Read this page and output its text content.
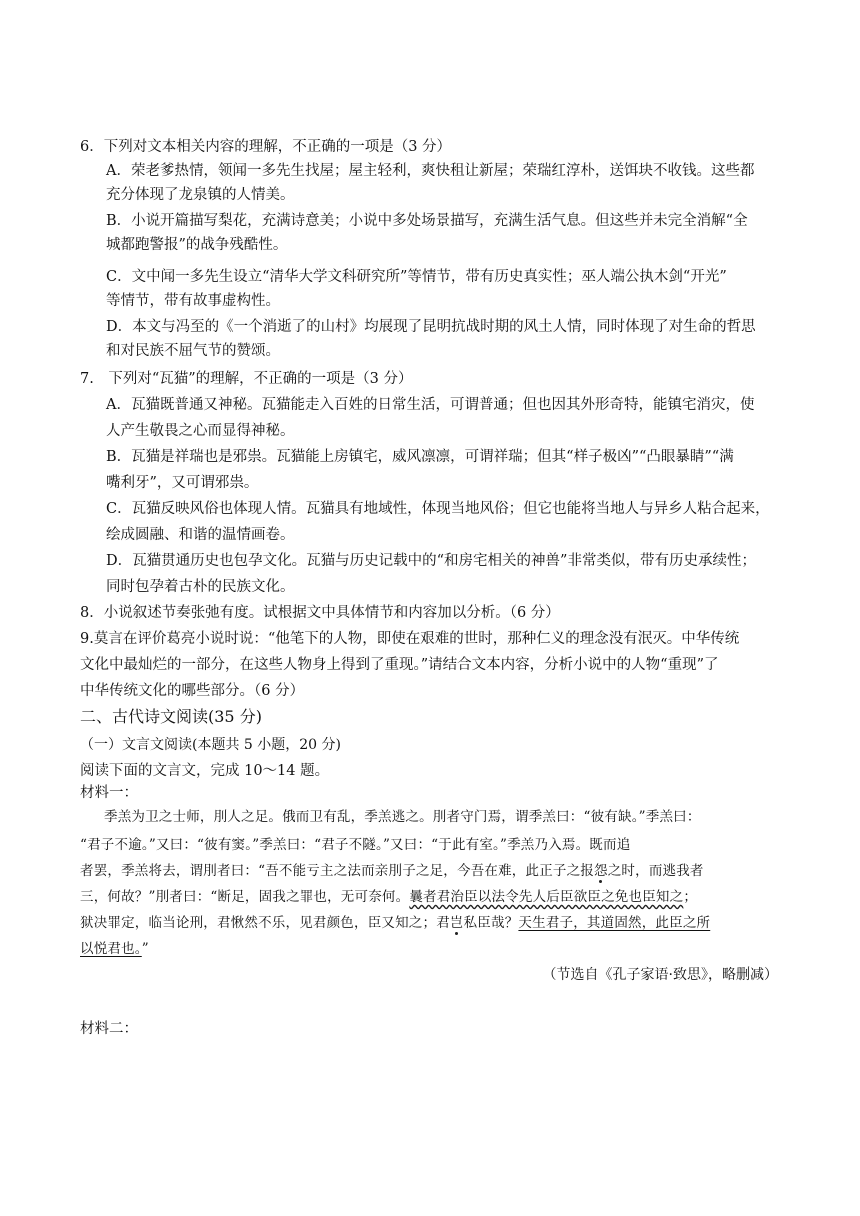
6．下列对文本相关内容的理解，不正确的一项是（3 分）
A．荣老爹热情，领闻一多先生找屋；屋主轻利，爽快租让新屋；荣瑞红淳朴，送饵块不收钱。这些都
充分体现了龙泉镇的人情美。
B．小说开篇描写梨花，充满诗意美；小说中多处场景描写，充满生活气息。但这些并未完全消解“全
城都跑警报”的战争残酷性。
C．文中闻一多先生设立“清华大学文科研究所”等情节，带有历史真实性；巫人端公执木剑“开光”
等情节，带有故事虚构性。
D．本文与冯至的《一个消逝了的山村》均展现了昆明抗战时期的风土人情，同时体现了对生命的哲思
和对民族不屈气节的赞颂。
7.　下列对“瓦猫”的理解，不正确的一项是（3 分）
A．瓦猫既普通又神秘。瓦猫能走入百姓的日常生活，可谓普通；但也因其外形奇特，能镇宅消灾，使
人产生敬畏之心而显得神秘。
B．瓦猫是祥瑞也是邪祟。瓦猫能上房镇宅，威风凛凛，可谓祥瑞；但其“样子极凶”“凸眼暴睛”“满
嘴利牙”，又可谓邪祟。
C．瓦猫反映风俗也体现人情。瓦猫具有地域性，体现当地风俗；但它也能将当地人与异乡人粘合起来，
绘成圆融、和谐的温情画卷。
D．瓦猫贯通历史也包孕文化。瓦猫与历史记载中的“和房宅相关的神兽”非常类似，带有历史承续性；
同时包孕着古朴的民族文化。
8．小说叙述节奏张弛有度。试根据文中具体情节和内容加以分析。（6 分）
9.莫言在评价葛亮小说时说：“他笔下的人物，即使在艰难的世时，那种仁义的理念没有泯灭。中华传统
文化中最灿烂的一部分，在这些人物身上得到了重现。”请结合文本内容，分析小说中的人物“重现”了
中华传统文化的哪些部分。（6 分）
二、古代诗文阅读(35 分)
（一）文言文阅读(本题共 5 小题，20 分)
阅读下面的文言文，完成 10～14 题。
材料一：
季羔为卫之士师，刖人之足。俄而卫有乱，季羔逃之。刖者守门焉，谓季羔曰：“彼有缺。”季羔曰：
“君子不逾。”又曰：“彼有窦。”季羔曰：“君子不隧。”又曰：“于此有室。”季羔乃入焉。既而追
者罢，季羔将去，谓刖者曰：“吾不能亏主之法而亲刖子之足，今吾在难，此正子之报怨之时，而逃我者
三，何故？”刖者曰：“断足，固我之罪也，无可奈何。曩者君治臣以法令先人后臣欲臣之免也臣知之；
狱决罪定，临当论刑，君愀然不乐，见君颜色，臣又知之；君岂私臣哉？天生君子，其道固然，此臣之所
以悦君也。”
（节选自《孔子家语·致思》，略删减）
材料二：
